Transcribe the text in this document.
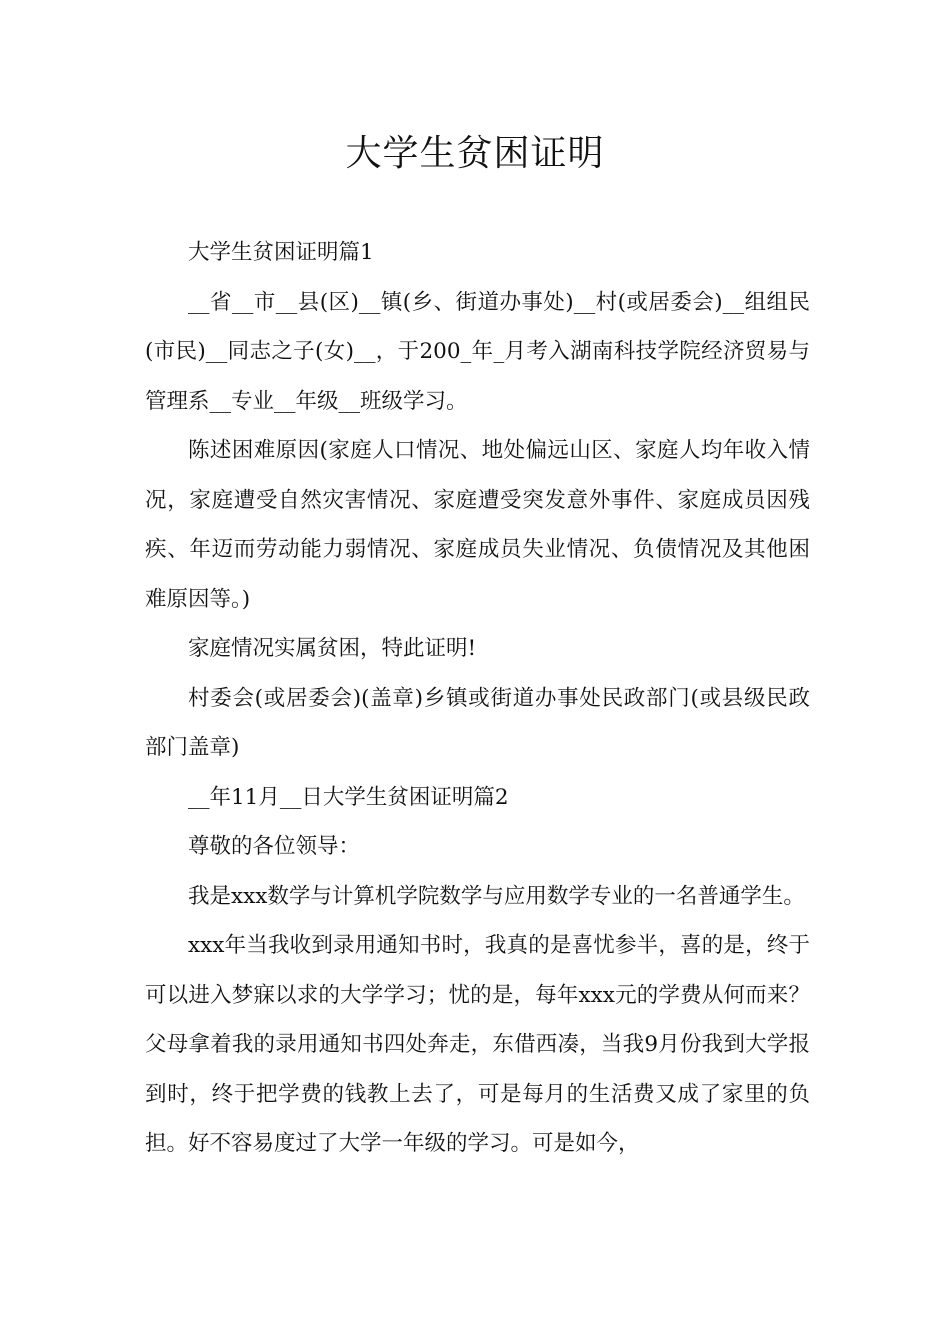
大学生贫困证明

大学生贫困证明篇1

__省__市__县(区)__镇(乡、街道办事处)__村(或居委会)__组组民(市民)__同志之子(女)__，于200_年_月考入湖南科技学院经济贸易与管理系__专业__年级__班级学习。

陈述困难原因(家庭人口情况、地处偏远山区、家庭人均年收入情况，家庭遭受自然灾害情况、家庭遭受突发意外事件、家庭成员因残疾、年迈而劳动能力弱情况、家庭成员失业情况、负债情况及其他困难原因等。)

家庭情况实属贫困，特此证明!

村委会(或居委会)(盖章)乡镇或街道办事处民政部门(或县级民政部门盖章)

__年11月__日大学生贫困证明篇2

尊敬的各位领导：

我是xxx数学与计算机学院数学与应用数学专业的一名普通学生。

xxx年当我收到录用通知书时，我真的是喜忧参半，喜的是，终于可以进入梦寐以求的大学学习；忧的是，每年xxx元的学费从何而来？父母拿着我的录用通知书四处奔走，东借西凑，当我9月份我到大学报到时，终于把学费的钱教上去了，可是每月的生活费又成了家里的负担。好不容易度过了大学一年级的学习。可是如今，
